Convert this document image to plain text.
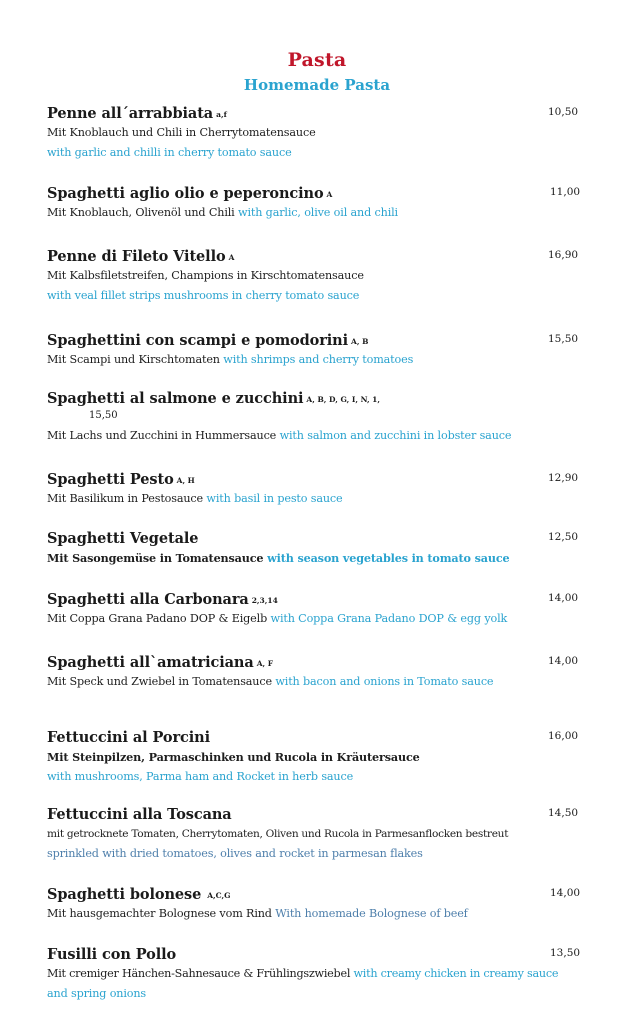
Pasta
Homemade Pasta
Penne all´arrabbiata a,f	10,50
Mit Knoblauch und Chili in Cherrytomatensauce
with garlic and chilli in cherry tomato sauce
Spaghetti aglio olio e peperoncino A	11,00
Mit Knoblauch, Olivenöl und Chili with garlic, olive oil and chili
Penne di Fileto Vitello A	16,90
Mit Kalbsfiletstreifen, Champions in Kirschtomatensauce
with veal fillet strips mushrooms in cherry tomato sauce
Spaghettini con scampi e pomodorini A, B	15,50
Mit Scampi und Kirschtomaten with shrimps and cherry tomatoes
Spaghetti al salmone e zucchini A, B, D, G, I, N, 1,
15,50
Mit Lachs und Zucchini in Hummersauce with salmon and zucchini in lobster sauce
Spaghetti Pesto A, H	12,90
Mit Basilikum in Pestosauce with basil in pesto sauce
Spaghetti Vegetale	12,50
Mit Sasongemüse in Tomatensauce with season vegetables in tomato sauce
Spaghetti alla Carbonara 2,3,14	14,00
Mit Coppa Grana Padano DOP & Eigelb with Coppa Grana Padano DOP & egg yolk
Spaghetti all`amatriciana A, F	14,00
Mit Speck und Zwiebel in Tomatensauce with bacon and onions in Tomato sauce
Fettuccini al Porcini	16,00
Mit Steinpilzen, Parmaschinken und Rucola in Kräutersauce
with mushrooms, Parma ham and Rocket in herb sauce
Fettuccini alla Toscana	14,50
mit getrocknete Tomaten, Cherrytomaten, Oliven und Rucola in Parmesanflocken bestreut
sprinkled with dried tomatoes, olives and rocket in parmesan flakes
Spaghetti bolonese A,C,G	14,00
Mit hausgemachter Bolognese vom Rind With homemade Bolognese of beef
Fusilli con Pollo	13,50
Mit cremiger Hänchen-Sahnesauce & Frühlingszwiebel with creamy chicken in creamy sauce
and spring onions
